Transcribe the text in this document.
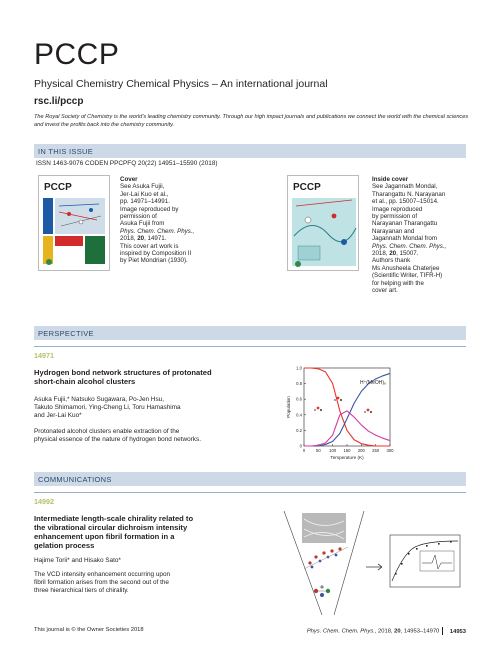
PCCP
Physical Chemistry Chemical Physics – An international journal
rsc.li/pccp
The Royal Society of Chemistry is the world’s leading chemistry community. Through our high impact journals and publications we connect the world with the chemical sciences and invest the profits back into the chemistry community.
IN THIS ISSUE
ISSN 1463-9076 CODEN PPCPFQ 20(22) 14951–15590 (2018)
PCCP
Cover
See Asuka Fujii,
Jer-Lai Kuo et al.,
pp. 14971–14991.
Image reproduced by
permission of
Asuka Fujii from
Phys. Chem. Chem. Phys.,
2018, 20, 14971.
This cover art work is
inspired by Composition II
by Piet Mondrian (1930).
PCCP
Inside cover
See Jagannath Mondal,
Tharangattu N. Narayanan
et al., pp. 15007–15014.
Image reproduced
by permission of
Narayanan Tharangattu
Narayanan and
Jagannath Mondal from
Phys. Chem. Chem. Phys.,
2018, 20, 15007.
Authors thank
Ms Anusheela Chaterjee
(Scientific Writer, TIFR-H)
for helping with the
cover art.
PERSPECTIVE
14971
Hydrogen bond network structures of protonated
short-chain alcohol clusters
Asuka Fujii,* Natsuko Sugawara, Po-Jen Hsu,
Takuto Shimamori, Ying-Cheng Li, Toru Hamashima
and Jer-Lai Kuo*
Protonated alcohol clusters enable extraction of the
physical essence of the nature of hydrogen bond networks.
0	50 100 150 200 250 300
0
0.2
0.4
0.6
0.8
1.0
Temperature (K)
Population
H⁺(MeOH)₆
COMMUNICATIONS
14992
Intermediate length-scale chirality related to
the vibrational circular dichroism intensity
enhancement upon fibril formation in a
gelation process
Hajime Torii* and Hisako Sato*
The VCD intensity enhancement occurring upon
fibril formation arises from the second out of the
three hierarchical tiers of chirality.
This journal is © the Owner Societies 2018	Phys. Chem. Chem. Phys., 2018, 20, 14953–14970 14953
